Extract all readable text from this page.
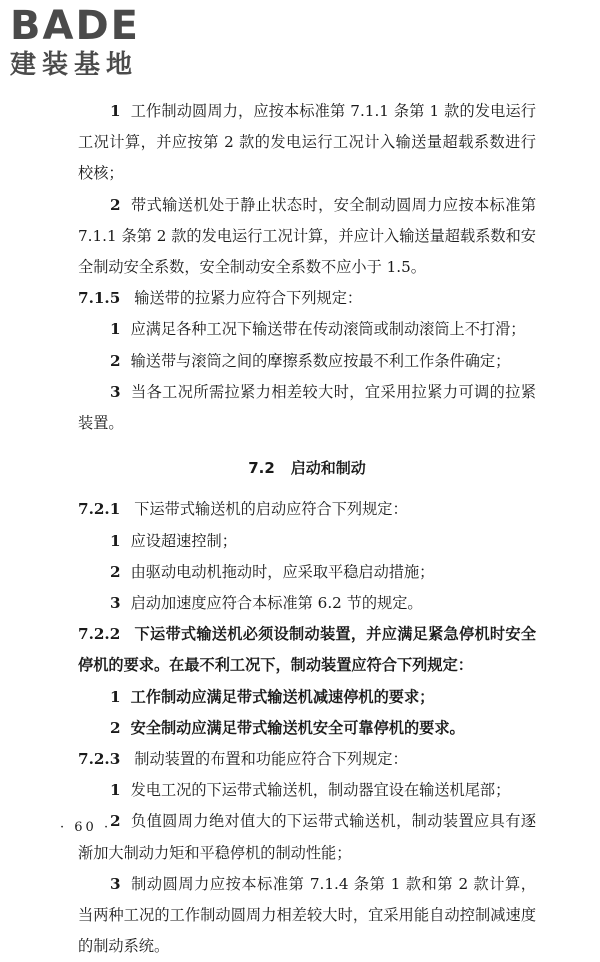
BADE
建装基地
1 工作制动圆周力，应按本标准第 7.1.1 条第 1 款的发电运行工况计算，并应按第 2 款的发电运行工况计入输送量超载系数进行校核；
2 带式输送机处于静止状态时，安全制动圆周力应按本标准第 7.1.1 条第 2 款的发电运行工况计算，并应计入输送量超载系数和安全制动安全系数，安全制动安全系数不应小于 1.5。
7.1.5 输送带的拉紧力应符合下列规定：
1 应满足各种工况下输送带在传动滚筒或制动滚筒上不打滑；
2 输送带与滚筒之间的摩擦系数应按最不利工作条件确定；
3 当各工况所需拉紧力相差较大时，宜采用拉紧力可调的拉紧装置。
7.2 启动和制动
7.2.1 下运带式输送机的启动应符合下列规定：
1 应设超速控制；
2 由驱动电动机拖动时，应采取平稳启动措施；
3 启动加速度应符合本标准第 6.2 节的规定。
7.2.2 下运带式输送机必须设制动装置，并应满足紧急停机时安全停机的要求。在最不利工况下，制动装置应符合下列规定：
1 工作制动应满足带式输送机减速停机的要求；
2 安全制动应满足带式输送机安全可靠停机的要求。
7.2.3 制动装置的布置和功能应符合下列规定：
1 发电工况的下运带式输送机，制动器宜设在输送机尾部；
2 负值圆周力绝对值大的下运带式输送机，制动装置应具有逐渐加大制动力矩和平稳停机的制动性能；
3 制动圆周力应按本标准第 7.1.4 条第 1 款和第 2 款计算，当两种工况的工作制动圆周力相差较大时，宜采用能自动控制减速度的制动系统。
· 60 ·
